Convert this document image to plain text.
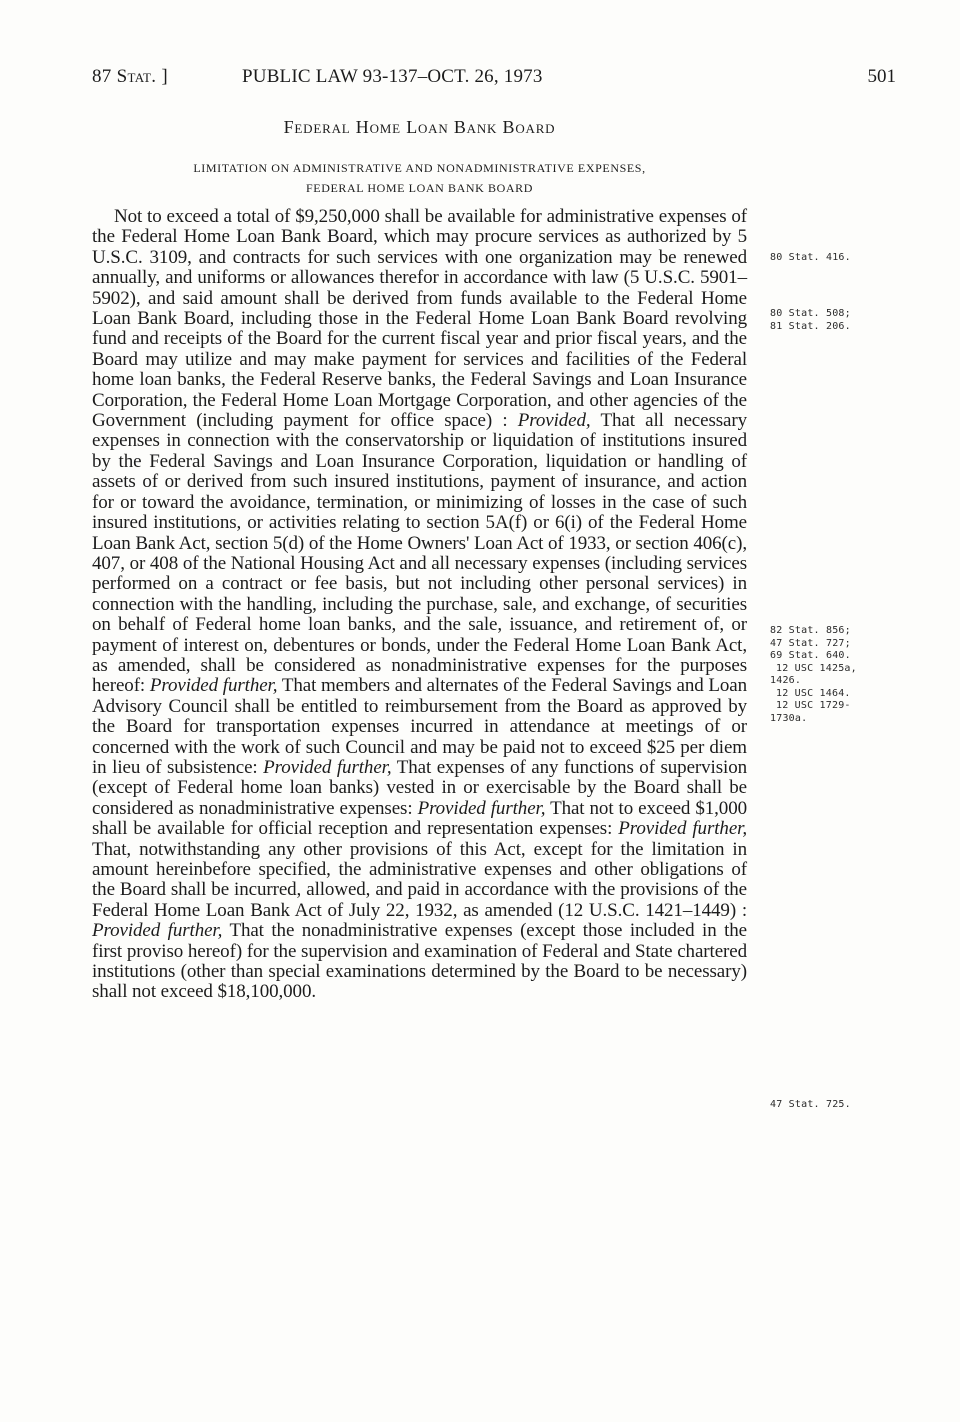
87 Stat. ]	PUBLIC LAW 93-137–OCT. 26, 1973	501
Federal Home Loan Bank Board
LIMITATION ON ADMINISTRATIVE AND NONADMINISTRATIVE EXPENSES,
FEDERAL HOME LOAN BANK BOARD

Not to exceed a total of $9,250,000 shall be available for administrative expenses of the Federal Home Loan Bank Board, which may procure services as authorized by 5 U.S.C. 3109, and contracts for such services with one organization may be renewed annually, and uniforms or allowances therefor in accordance with law (5 U.S.C. 5901–5902), and said amount shall be derived from funds available to the Federal Home Loan Bank Board, including those in the Federal Home Loan Bank Board revolving fund and receipts of the Board for the current fiscal year and prior fiscal years, and the Board may utilize and may make payment for services and facilities of the Federal home loan banks, the Federal Reserve banks, the Federal Savings and Loan Insurance Corporation, the Federal Home Loan Mortgage Corporation, and other agencies of the Government (including payment for office space) : Provided, That all necessary expenses in connection with the conservatorship or liquidation of institutions insured by the Federal Savings and Loan Insurance Corporation, liquidation or handling of assets of or derived from such insured institutions, payment of insurance, and action for or toward the avoidance, termination, or minimizing of losses in the case of such insured institutions, or activities relating to section 5A(f) or 6(i) of the Federal Home Loan Bank Act, section 5(d) of the Home Owners' Loan Act of 1933, or section 406(c), 407, or 408 of the National Housing Act and all necessary expenses (including services performed on a contract or fee basis, but not including other personal services) in connection with the handling, including the purchase, sale, and exchange, of securities on behalf of Federal home loan banks, and the sale, issuance, and retirement of, or payment of interest on, debentures or bonds, under the Federal Home Loan Bank Act, as amended, shall be considered as nonadministrative expenses for the purposes hereof: Provided further, That members and alternates of the Federal Savings and Loan Advisory Council shall be entitled to reimbursement from the Board as approved by the Board for transportation expenses incurred in attendance at meetings of or concerned with the work of such Council and may be paid not to exceed $25 per diem in lieu of subsistence: Provided further, That expenses of any functions of supervision (except of Federal home loan banks) vested in or exercisable by the Board shall be considered as nonadministrative expenses: Provided further, That not to exceed $1,000 shall be available for official reception and representation expenses: Provided further, That, notwithstanding any other provisions of this Act, except for the limitation in amount hereinbefore specified, the administrative expenses and other obligations of the Board shall be incurred, allowed, and paid in accordance with the provisions of the Federal Home Loan Bank Act of July 22, 1932, as amended (12 U.S.C. 1421–1449) : Provided further, That the nonadministrative expenses (except those included in the first proviso hereof) for the supervision and examination of Federal and State chartered institutions (other than special examinations determined by the Board to be necessary) shall not exceed $18,100,000.

80 Stat. 416.
80 Stat. 508;
81 Stat. 206.
82 Stat. 856;
47 Stat. 727;
69 Stat. 640.
12 USC 1425a,
1426.
12 USC 1464.
12 USC 1729-
1730a.
47 Stat. 725.
